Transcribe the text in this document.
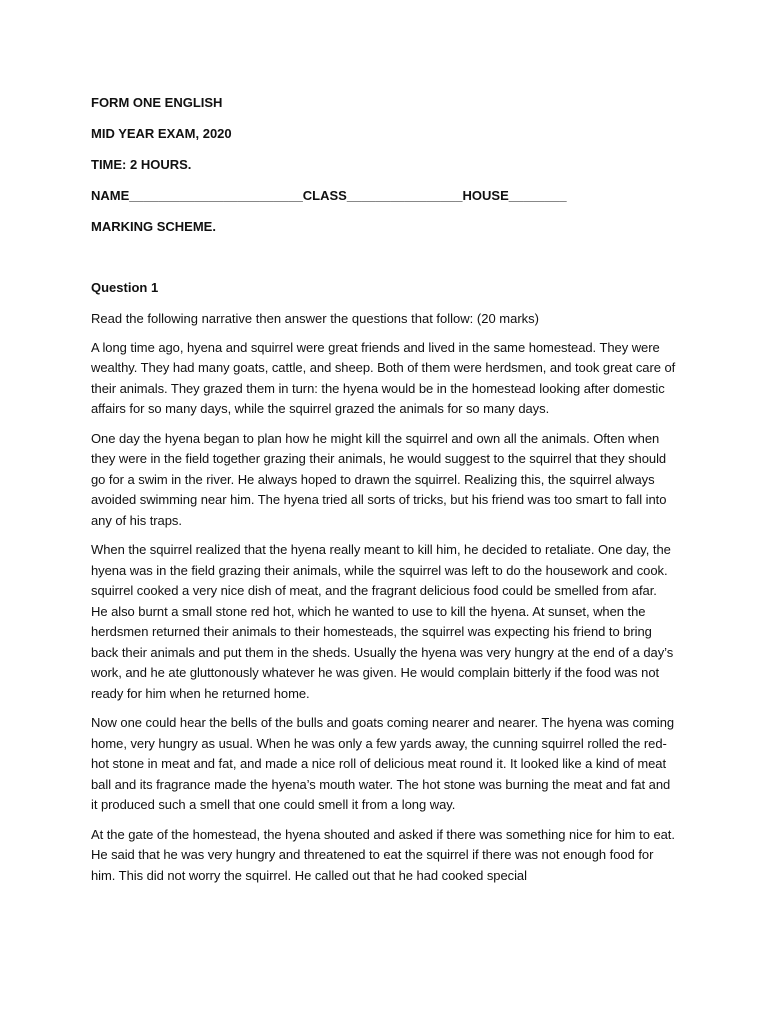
FORM ONE ENGLISH
MID YEAR EXAM, 2020
TIME: 2 HOURS.
NAME________________________CLASS________________HOUSE________
MARKING SCHEME.
Question 1
Read the following narrative then answer the questions that follow: (20 marks)

A long time ago, hyena and squirrel were great friends and lived in the same homestead. They were wealthy. They had many goats, cattle, and sheep. Both of them were herdsmen, and took great care of their animals. They grazed them in turn: the hyena would be in the homestead looking after domestic affairs for so many days, while the squirrel grazed the animals for so many days.

One day the hyena began to plan how he might kill the squirrel and own all the animals. Often when they were in the field together grazing their animals, he would suggest to the squirrel that they should go for a swim in the river. He always hoped to drawn the squirrel. Realizing this, the squirrel always avoided swimming near him. The hyena tried all sorts of tricks, but his friend was too smart to fall into any of his traps.

When the squirrel realized that the hyena really meant to kill him, he decided to retaliate. One day, the hyena was in the field grazing their animals, while the squirrel was left to do the housework and cook. squirrel cooked a very nice dish of meat, and the fragrant delicious food could be smelled from afar. He also burnt a small stone red hot, which he wanted to use to kill the hyena. At sunset, when the herdsmen returned their animals to their homesteads, the squirrel was expecting his friend to bring back their animals and put them in the sheds. Usually the hyena was very hungry at the end of a day’s work, and he ate gluttonously whatever he was given. He would complain bitterly if the food was not ready for him when he returned home.

Now one could hear the bells of the bulls and goats coming nearer and nearer. The hyena was coming home, very hungry as usual. When he was only a few yards away, the cunning squirrel rolled the red-hot stone in meat and fat, and made a nice roll of delicious meat round it. It looked like a kind of meat ball and its fragrance made the hyena’s mouth water. The hot stone was burning the meat and fat and it produced such a smell that one could smell it from a long way.

At the gate of the homestead, the hyena shouted and asked if there was something nice for him to eat. He said that he was very hungry and threatened to eat the squirrel if there was not enough food for him. This did not worry the squirrel. He called out that he had cooked special
